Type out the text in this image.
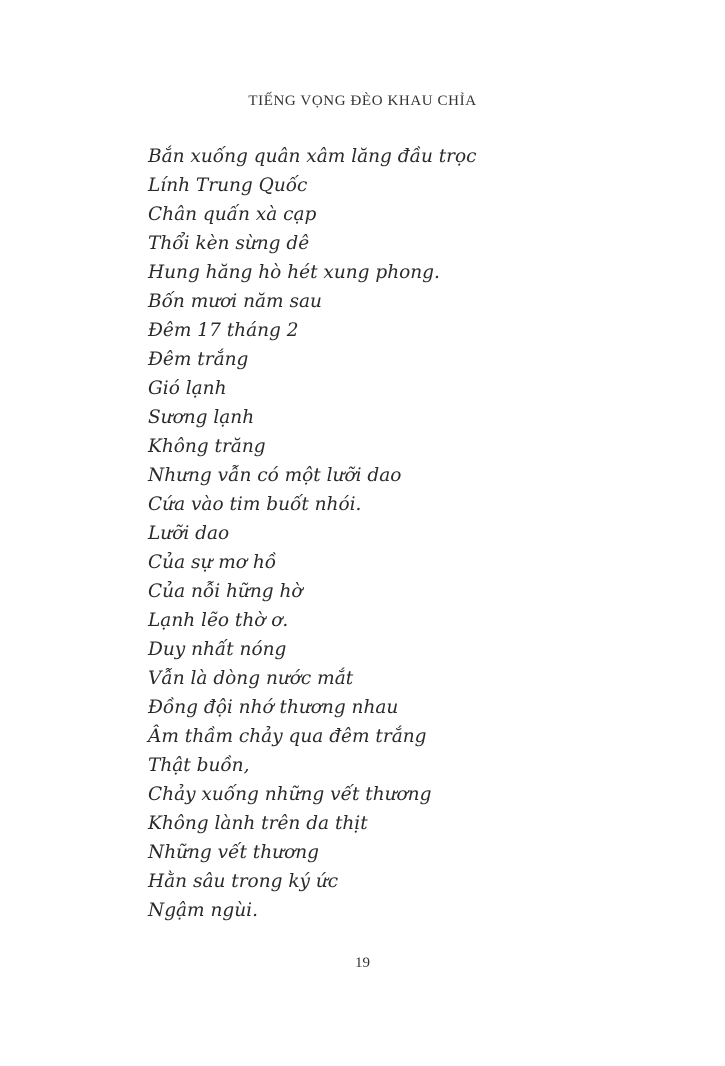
TIẾNG VỌNG ĐÈO KHAU CHỈA
Bắn xuống quân xâm lăng đầu trọc
Lính Trung Quốc
Chân quấn xà cạp
Thổi kèn sừng dê
Hung hăng hò hét xung phong.
Bốn mươi năm sau
Đêm 17 tháng 2
Đêm trắng
Gió lạnh
Sương lạnh
Không trăng
Nhưng vẫn có một lưỡi dao
Cứa vào tim buốt nhói.
Lưỡi dao
Của sự mơ hồ
Của nỗi hững hờ
Lạnh lẽo thờ ơ.
Duy nhất nóng
Vẫn là dòng nước mắt
Đồng đội nhớ thương nhau
Âm thầm chảy qua đêm trắng
Thật buồn,
Chảy xuống những vết thương
Không lành trên da thịt
Những vết thương
Hằn sâu trong ký ức
Ngậm ngùi.
19
